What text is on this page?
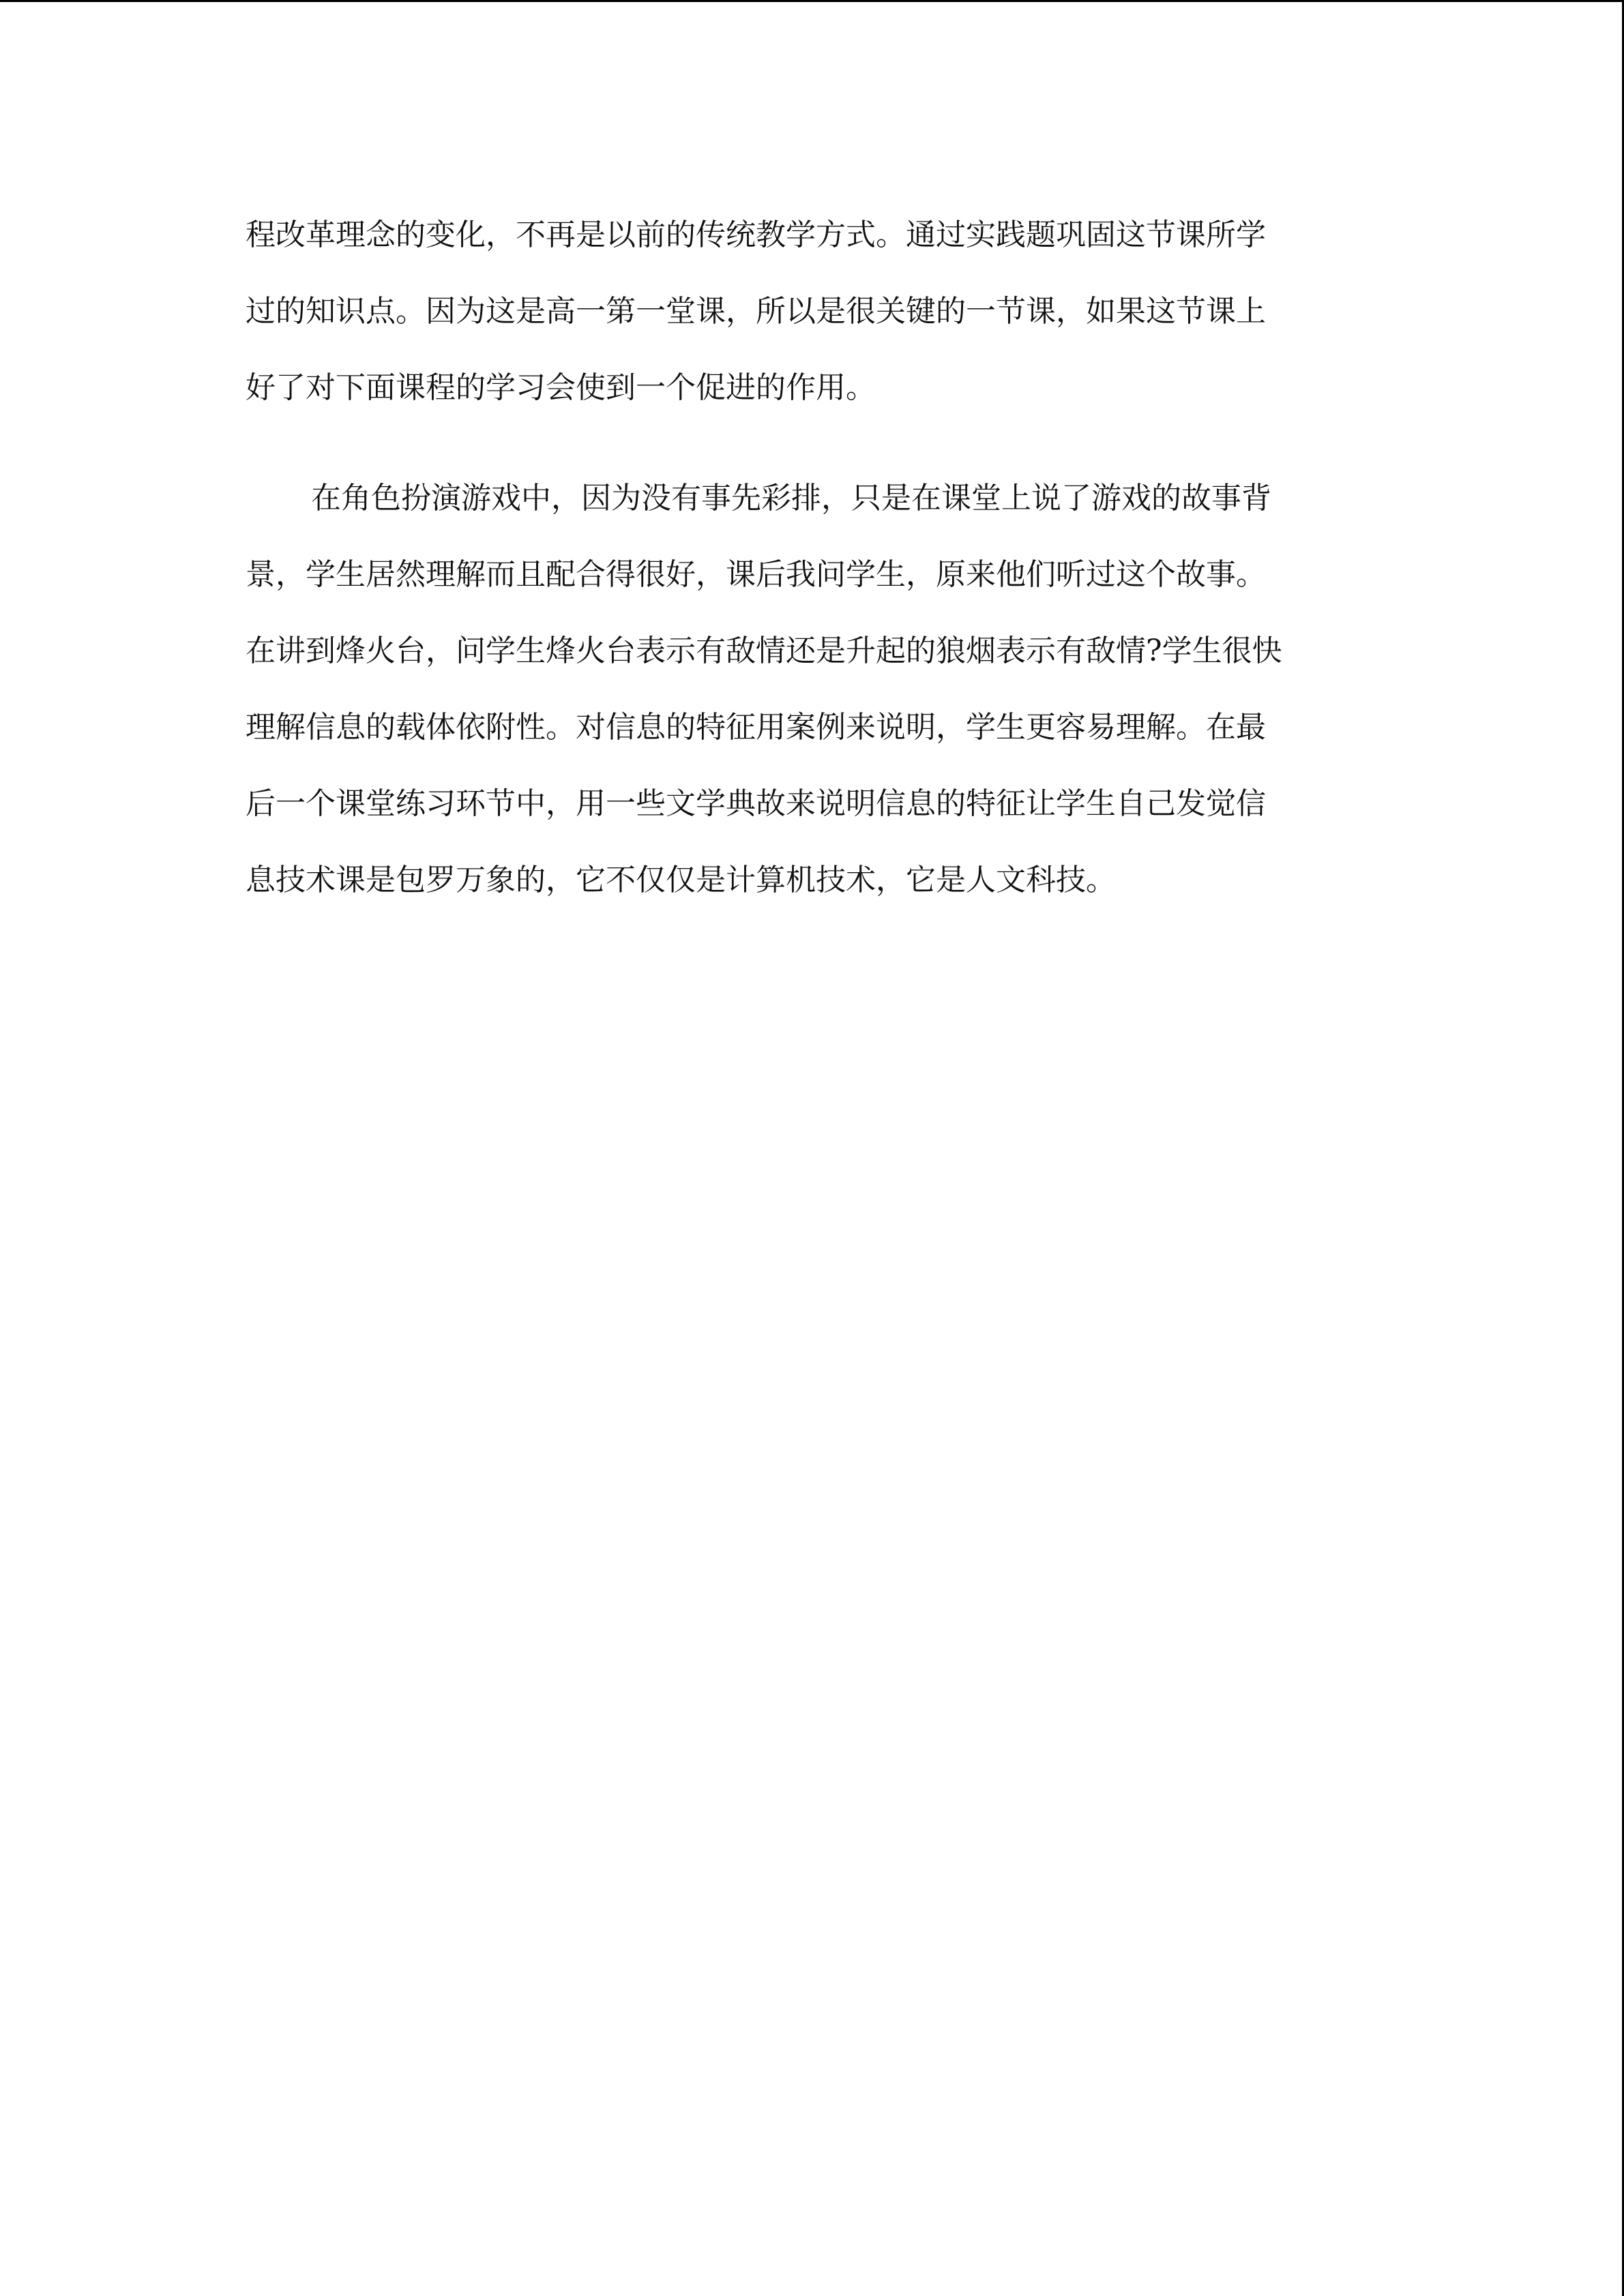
程改革理念的变化，不再是以前的传统教学方式。通过实践题巩固这节课所学
过的知识点。因为这是高一第一堂课，所以是很关键的一节课，如果这节课上
好了对下面课程的学习会使到一个促进的作用。
在角色扮演游戏中，因为没有事先彩排，只是在课堂上说了游戏的故事背
景，学生居然理解而且配合得很好，课后我问学生，原来他们听过这个故事。
在讲到烽火台，问学生烽火台表示有敌情还是升起的狼烟表示有敌情?学生很快
理解信息的载体依附性。对信息的特征用案例来说明，学生更容易理解。在最
后一个课堂练习环节中，用一些文学典故来说明信息的特征让学生自己发觉信
息技术课是包罗万象的，它不仅仅是计算机技术，它是人文科技。
